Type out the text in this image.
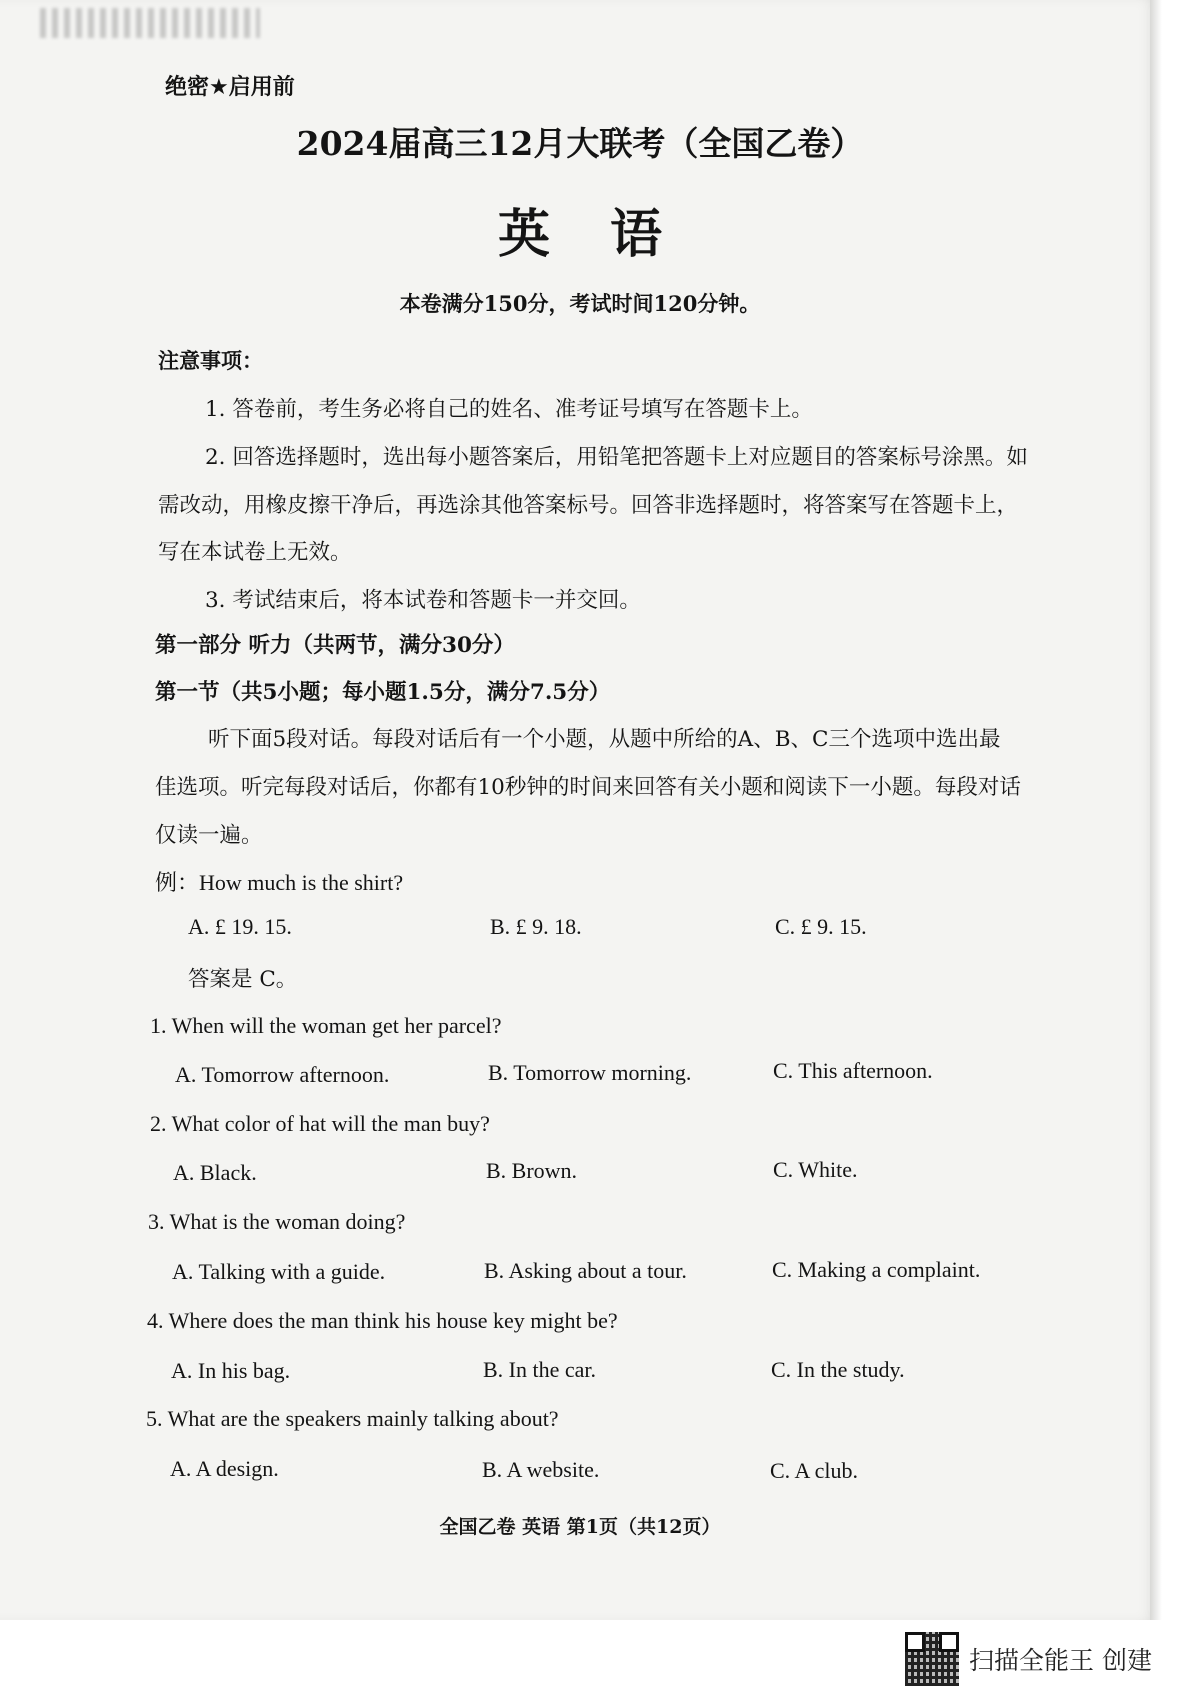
绝密★启用前
2024届高三12月大联考（全国乙卷）
英语
本卷满分150分，考试时间120分钟。
注意事项：
1. 答卷前，考生务必将自己的姓名、准考证号填写在答题卡上。
2. 回答选择题时，选出每小题答案后，用铅笔把答题卡上对应题目的答案标号涂黑。如
需改动，用橡皮擦干净后，再选涂其他答案标号。回答非选择题时，将答案写在答题卡上，
写在本试卷上无效。
3. 考试结束后，将本试卷和答题卡一并交回。
第一部分 听力（共两节，满分30分）
第一节（共5小题；每小题1.5分，满分7.5分）
听下面5段对话。每段对话后有一个小题，从题中所给的A、B、C三个选项中选出最
佳选项。听完每段对话后，你都有10秒钟的时间来回答有关小题和阅读下一小题。每段对话
仅读一遍。
例：How much is the shirt?
A. £ 19. 15.	B. £ 9. 18.	C. £ 9. 15.
答案是 C。
1. When will the woman get her parcel?
A. Tomorrow afternoon.	B. Tomorrow morning.	C. This afternoon.
2. What color of hat will the man buy?
A. Black.	B. Brown.	C. White.
3. What is the woman doing?
A. Talking with a guide.	B. Asking about a tour.	C. Making a complaint.
4. Where does the man think his house key might be?
A. In his bag.	B. In the car.	C. In the study.
5. What are the speakers mainly talking about?
A. A design.	B. A website.	C. A club.
全国乙卷 英语 第1页（共12页）
扫描全能王 创建
